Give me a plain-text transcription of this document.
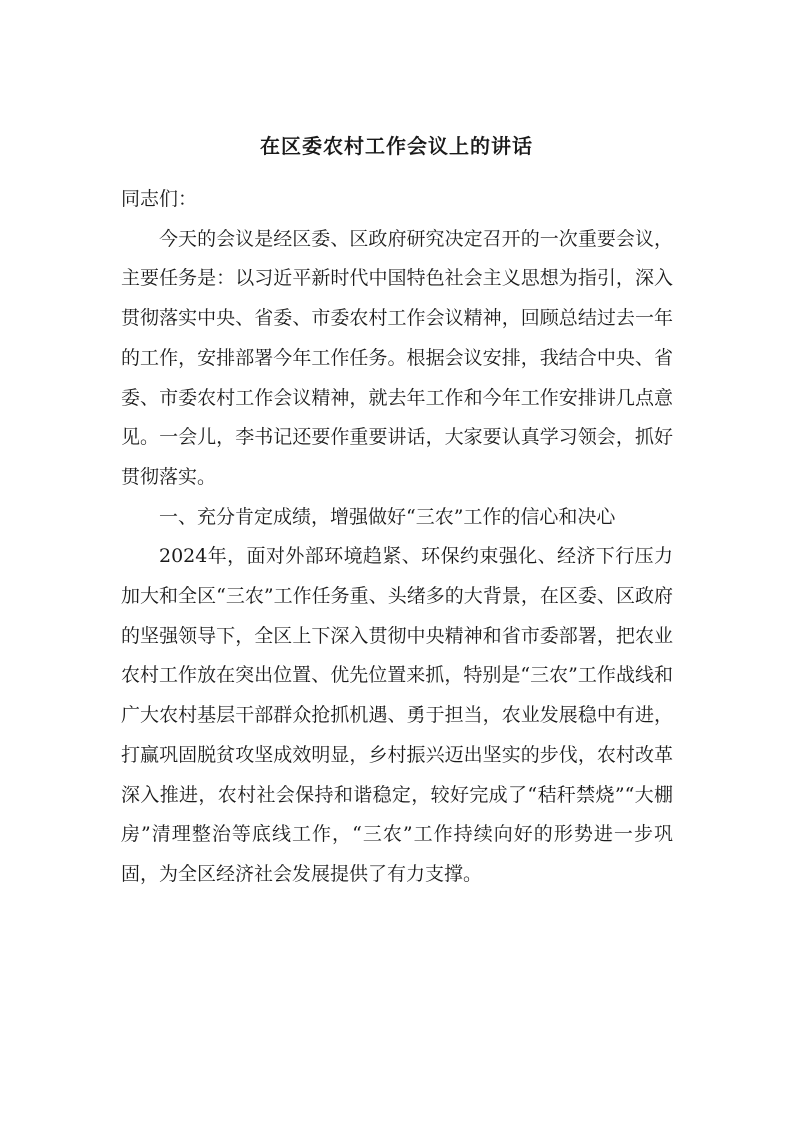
在区委农村工作会议上的讲话

同志们：

今天的会议是经区委、区政府研究决定召开的一次重要会议，主要任务是：以习近平新时代中国特色社会主义思想为指引，深入贯彻落实中央、省委、市委农村工作会议精神，回顾总结过去一年的工作，安排部署今年工作任务。根据会议安排，我结合中央、省委、市委农村工作会议精神，就去年工作和今年工作安排讲几点意见。一会儿，李书记还要作重要讲话，大家要认真学习领会，抓好贯彻落实。

一、充分肯定成绩，增强做好“三农”工作的信心和决心

2024年，面对外部环境趋紧、环保约束强化、经济下行压力加大和全区“三农”工作任务重、头绪多的大背景，在区委、区政府的坚强领导下，全区上下深入贯彻中央精神和省市委部署，把农业农村工作放在突出位置、优先位置来抓，特别是“三农”工作战线和广大农村基层干部群众抢抓机遇、勇于担当，农业发展稳中有进，打赢巩固脱贫攻坚成效明显，乡村振兴迈出坚实的步伐，农村改革深入推进，农村社会保持和谐稳定，较好完成了“秸秆禁烧”“大棚房”清理整治等底线工作，“三农”工作持续向好的形势进一步巩固，为全区经济社会发展提供了有力支撑。
